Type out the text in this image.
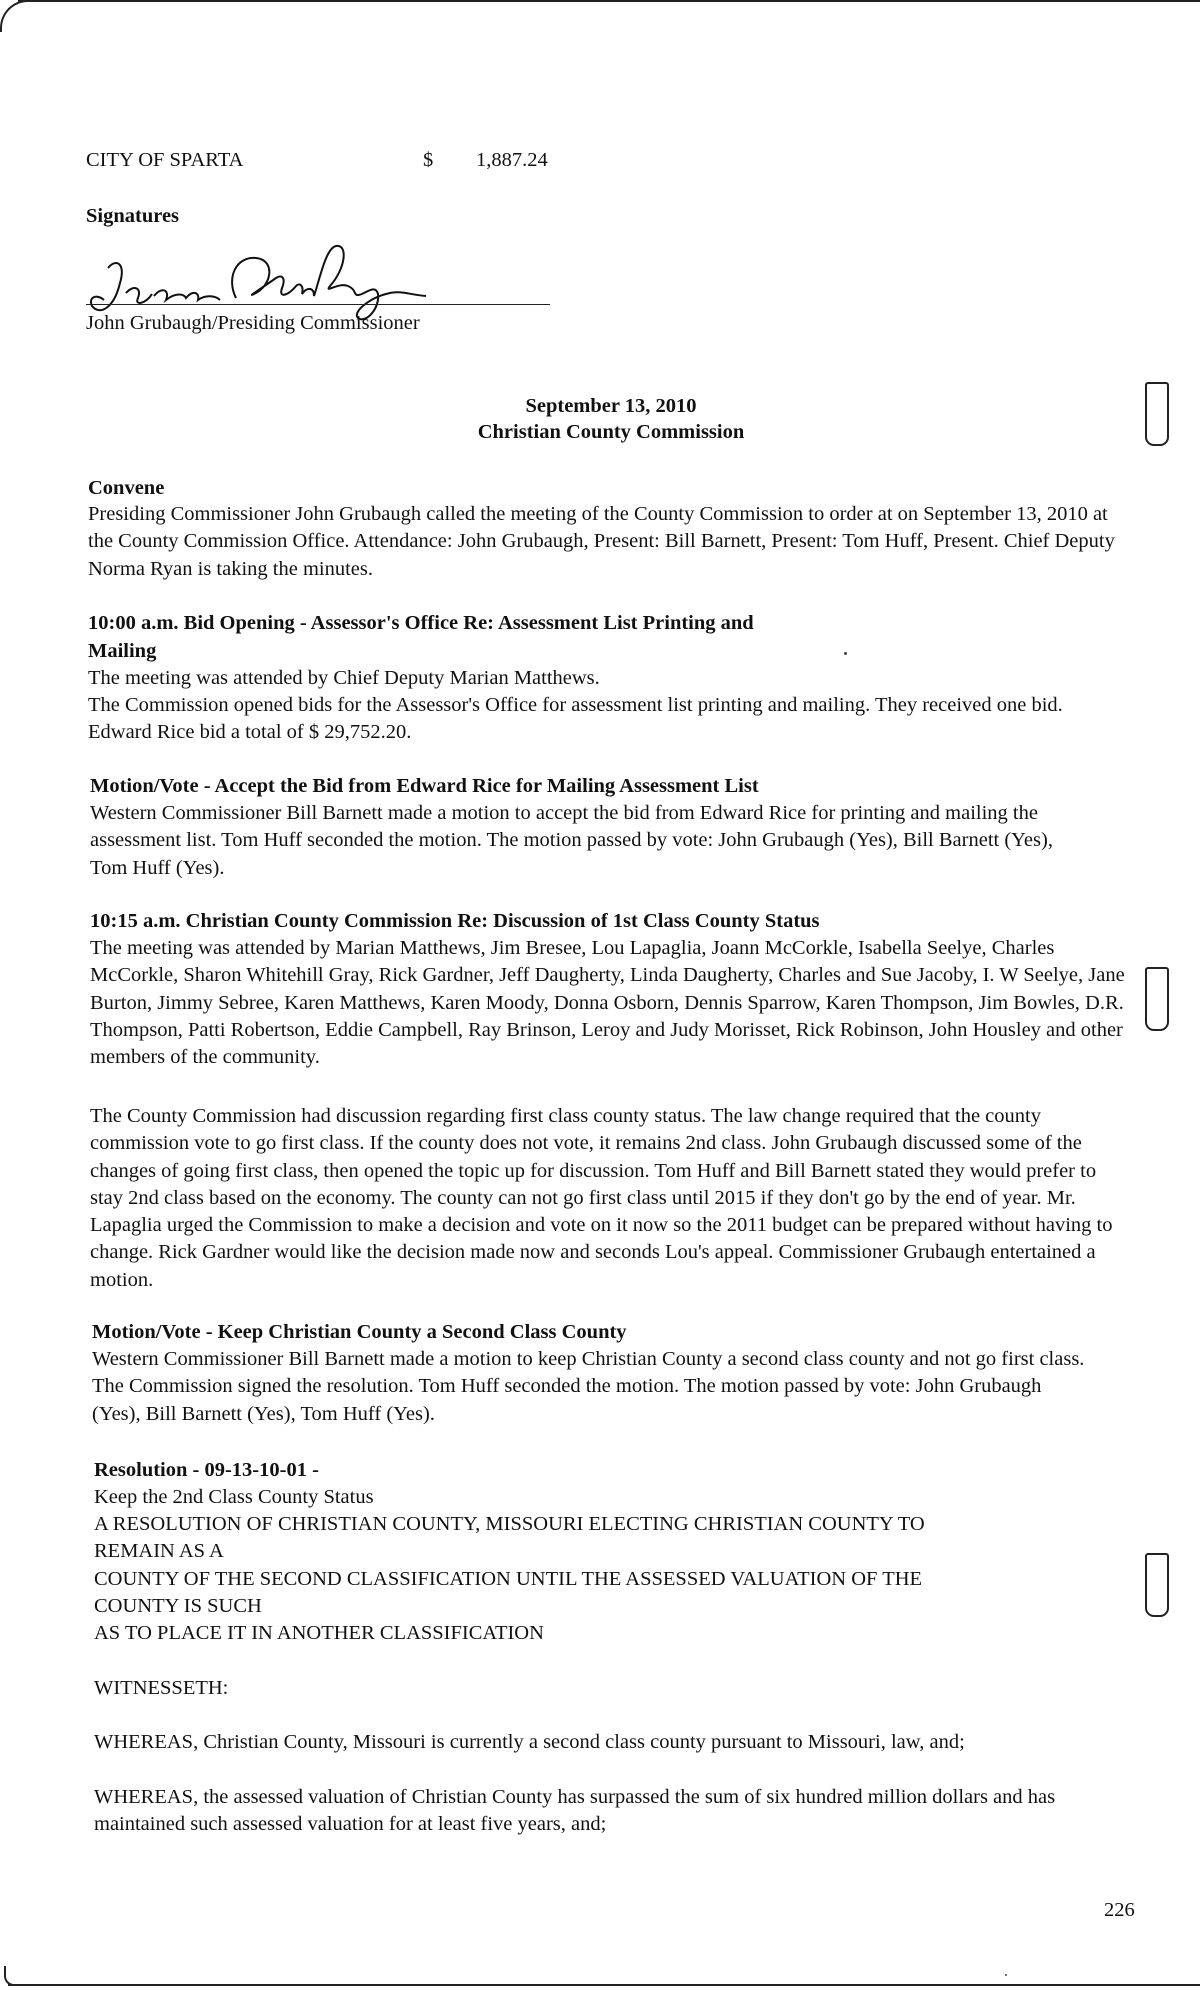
CITY OF SPARTA	$ 1,887.24
Signatures
John Grubaugh/Presiding Commissioner
September 13, 2010
Christian County Commission
Convene
Presiding Commissioner John Grubaugh called the meeting of the County Commission to order at on September 13, 2010 at the County Commission Office. Attendance: John Grubaugh, Present: Bill Barnett, Present: Tom Huff, Present. Chief Deputy Norma Ryan is taking the minutes.
10:00 a.m. Bid Opening - Assessor's Office Re: Assessment List Printing and
Mailing
The meeting was attended by Chief Deputy Marian Matthews.
The Commission opened bids for the Assessor's Office for assessment list printing and mailing. They received one bid. Edward Rice bid a total of $ 29,752.20.
Motion/Vote - Accept the Bid from Edward Rice for Mailing Assessment List
Western Commissioner Bill Barnett made a motion to accept the bid from Edward Rice for printing and mailing the assessment list. Tom Huff seconded the motion. The motion passed by vote: John Grubaugh (Yes), Bill Barnett (Yes), Tom Huff (Yes).
10:15 a.m. Christian County Commission Re: Discussion of 1st Class County Status
The meeting was attended by Marian Matthews, Jim Bresee, Lou Lapaglia, Joann McCorkle, Isabella Seelye, Charles McCorkle, Sharon Whitehill Gray, Rick Gardner, Jeff Daugherty, Linda Daugherty, Charles and Sue Jacoby, I. W Seelye, Jane Burton, Jimmy Sebree, Karen Matthews, Karen Moody, Donna Osborn, Dennis Sparrow, Karen Thompson, Jim Bowles, D.R. Thompson, Patti Robertson, Eddie Campbell, Ray Brinson, Leroy and Judy Morisset, Rick Robinson, John Housley and other members of the community.
The County Commission had discussion regarding first class county status. The law change required that the county commission vote to go first class. If the county does not vote, it remains 2nd class. John Grubaugh discussed some of the changes of going first class, then opened the topic up for discussion. Tom Huff and Bill Barnett stated they would prefer to stay 2nd class based on the economy. The county can not go first class until 2015 if they don't go by the end of year. Mr. Lapaglia urged the Commission to make a decision and vote on it now so the 2011 budget can be prepared without having to change. Rick Gardner would like the decision made now and seconds Lou's appeal. Commissioner Grubaugh entertained a motion.
Motion/Vote - Keep Christian County a Second Class County
Western Commissioner Bill Barnett made a motion to keep Christian County a second class county and not go first class. The Commission signed the resolution. Tom Huff seconded the motion. The motion passed by vote: John Grubaugh (Yes), Bill Barnett (Yes), Tom Huff (Yes).
Resolution - 09-13-10-01 -
Keep the 2nd Class County Status
A RESOLUTION OF CHRISTIAN COUNTY, MISSOURI ELECTING CHRISTIAN COUNTY TO
REMAIN AS A
COUNTY OF THE SECOND CLASSIFICATION UNTIL THE ASSESSED VALUATION OF THE
COUNTY IS SUCH
AS TO PLACE IT IN ANOTHER CLASSIFICATION
WITNESSETH:
WHEREAS, Christian County, Missouri is currently a second class county pursuant to Missouri, law, and;
WHEREAS, the assessed valuation of Christian County has surpassed the sum of six hundred million dollars and has maintained such assessed valuation for at least five years, and;
226
